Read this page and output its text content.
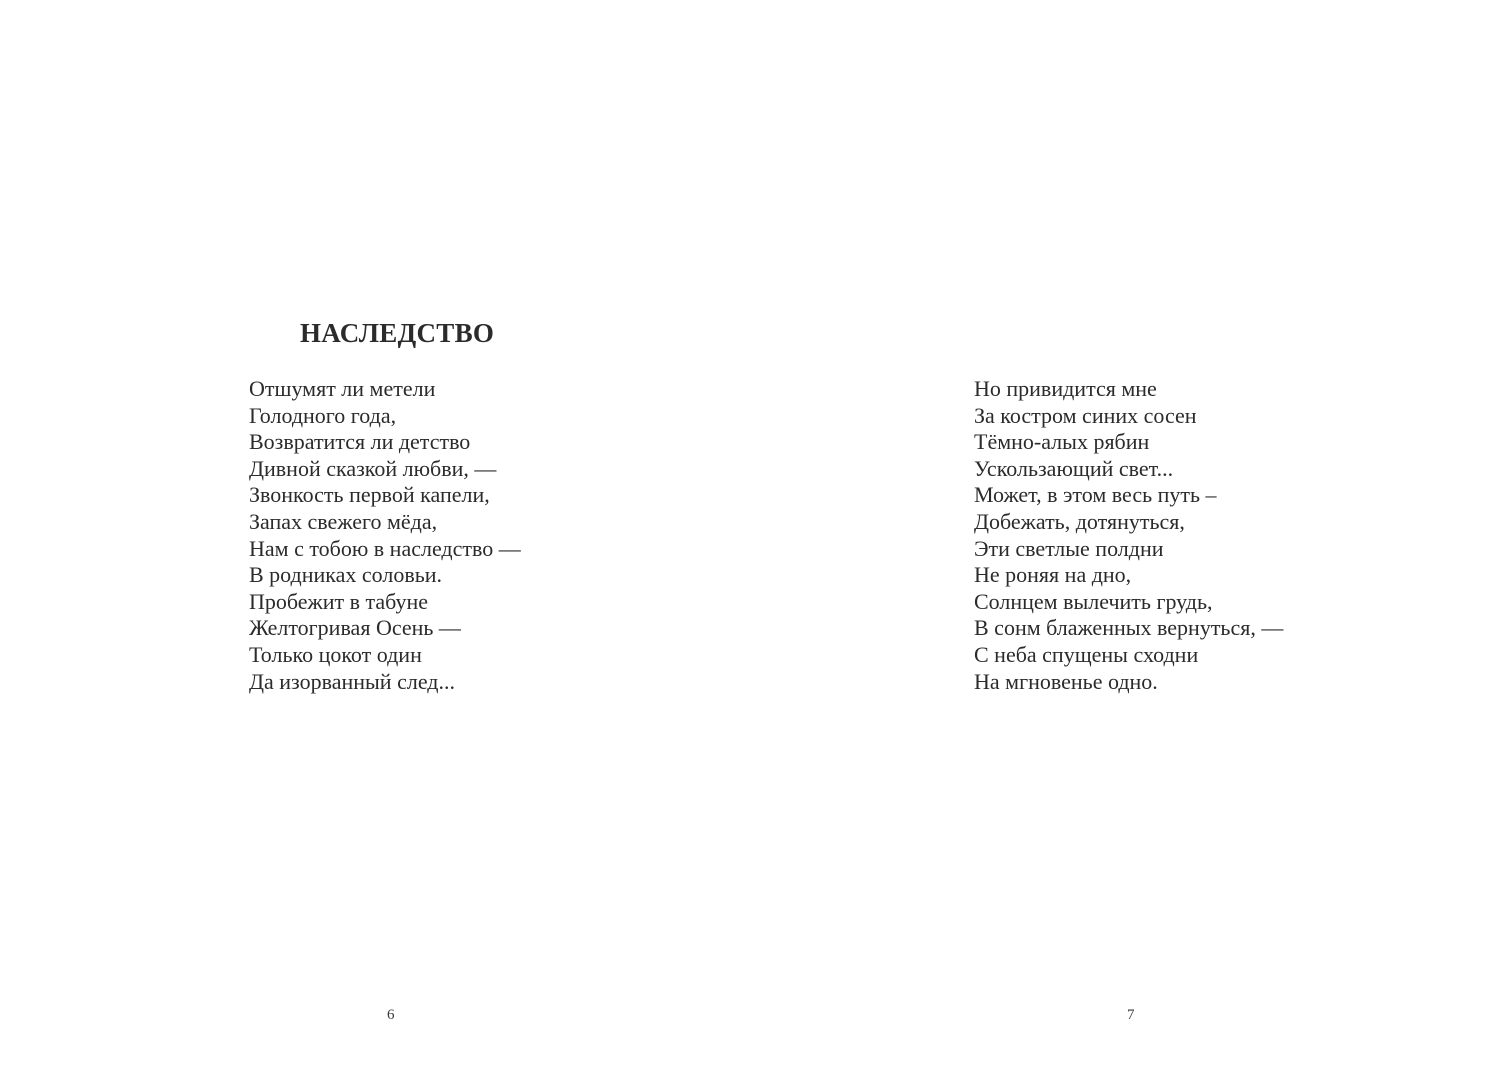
НАСЛЕДСТВО
Отшумят ли метели
Голодного года,
Возвратится ли детство
Дивной сказкой любви, —
Звонкость первой капели,
Запах свежего мёда,
Нам с тобою в наследство —
В родниках соловьи.
Пробежит в табуне
Желтогривая Осень —
Только цокот один
Да изорванный след...
6
Но привидится мне
За костром синих сосен
Тёмно-алых рябин
Ускользающий свет...
Может, в этом весь путь –
Добежать, дотянуться,
Эти светлые полдни
Не роняя на дно,
Солнцем вылечить грудь,
В сонм блаженных вернуться, —
С неба спущены сходни
На мгновенье одно.
7
